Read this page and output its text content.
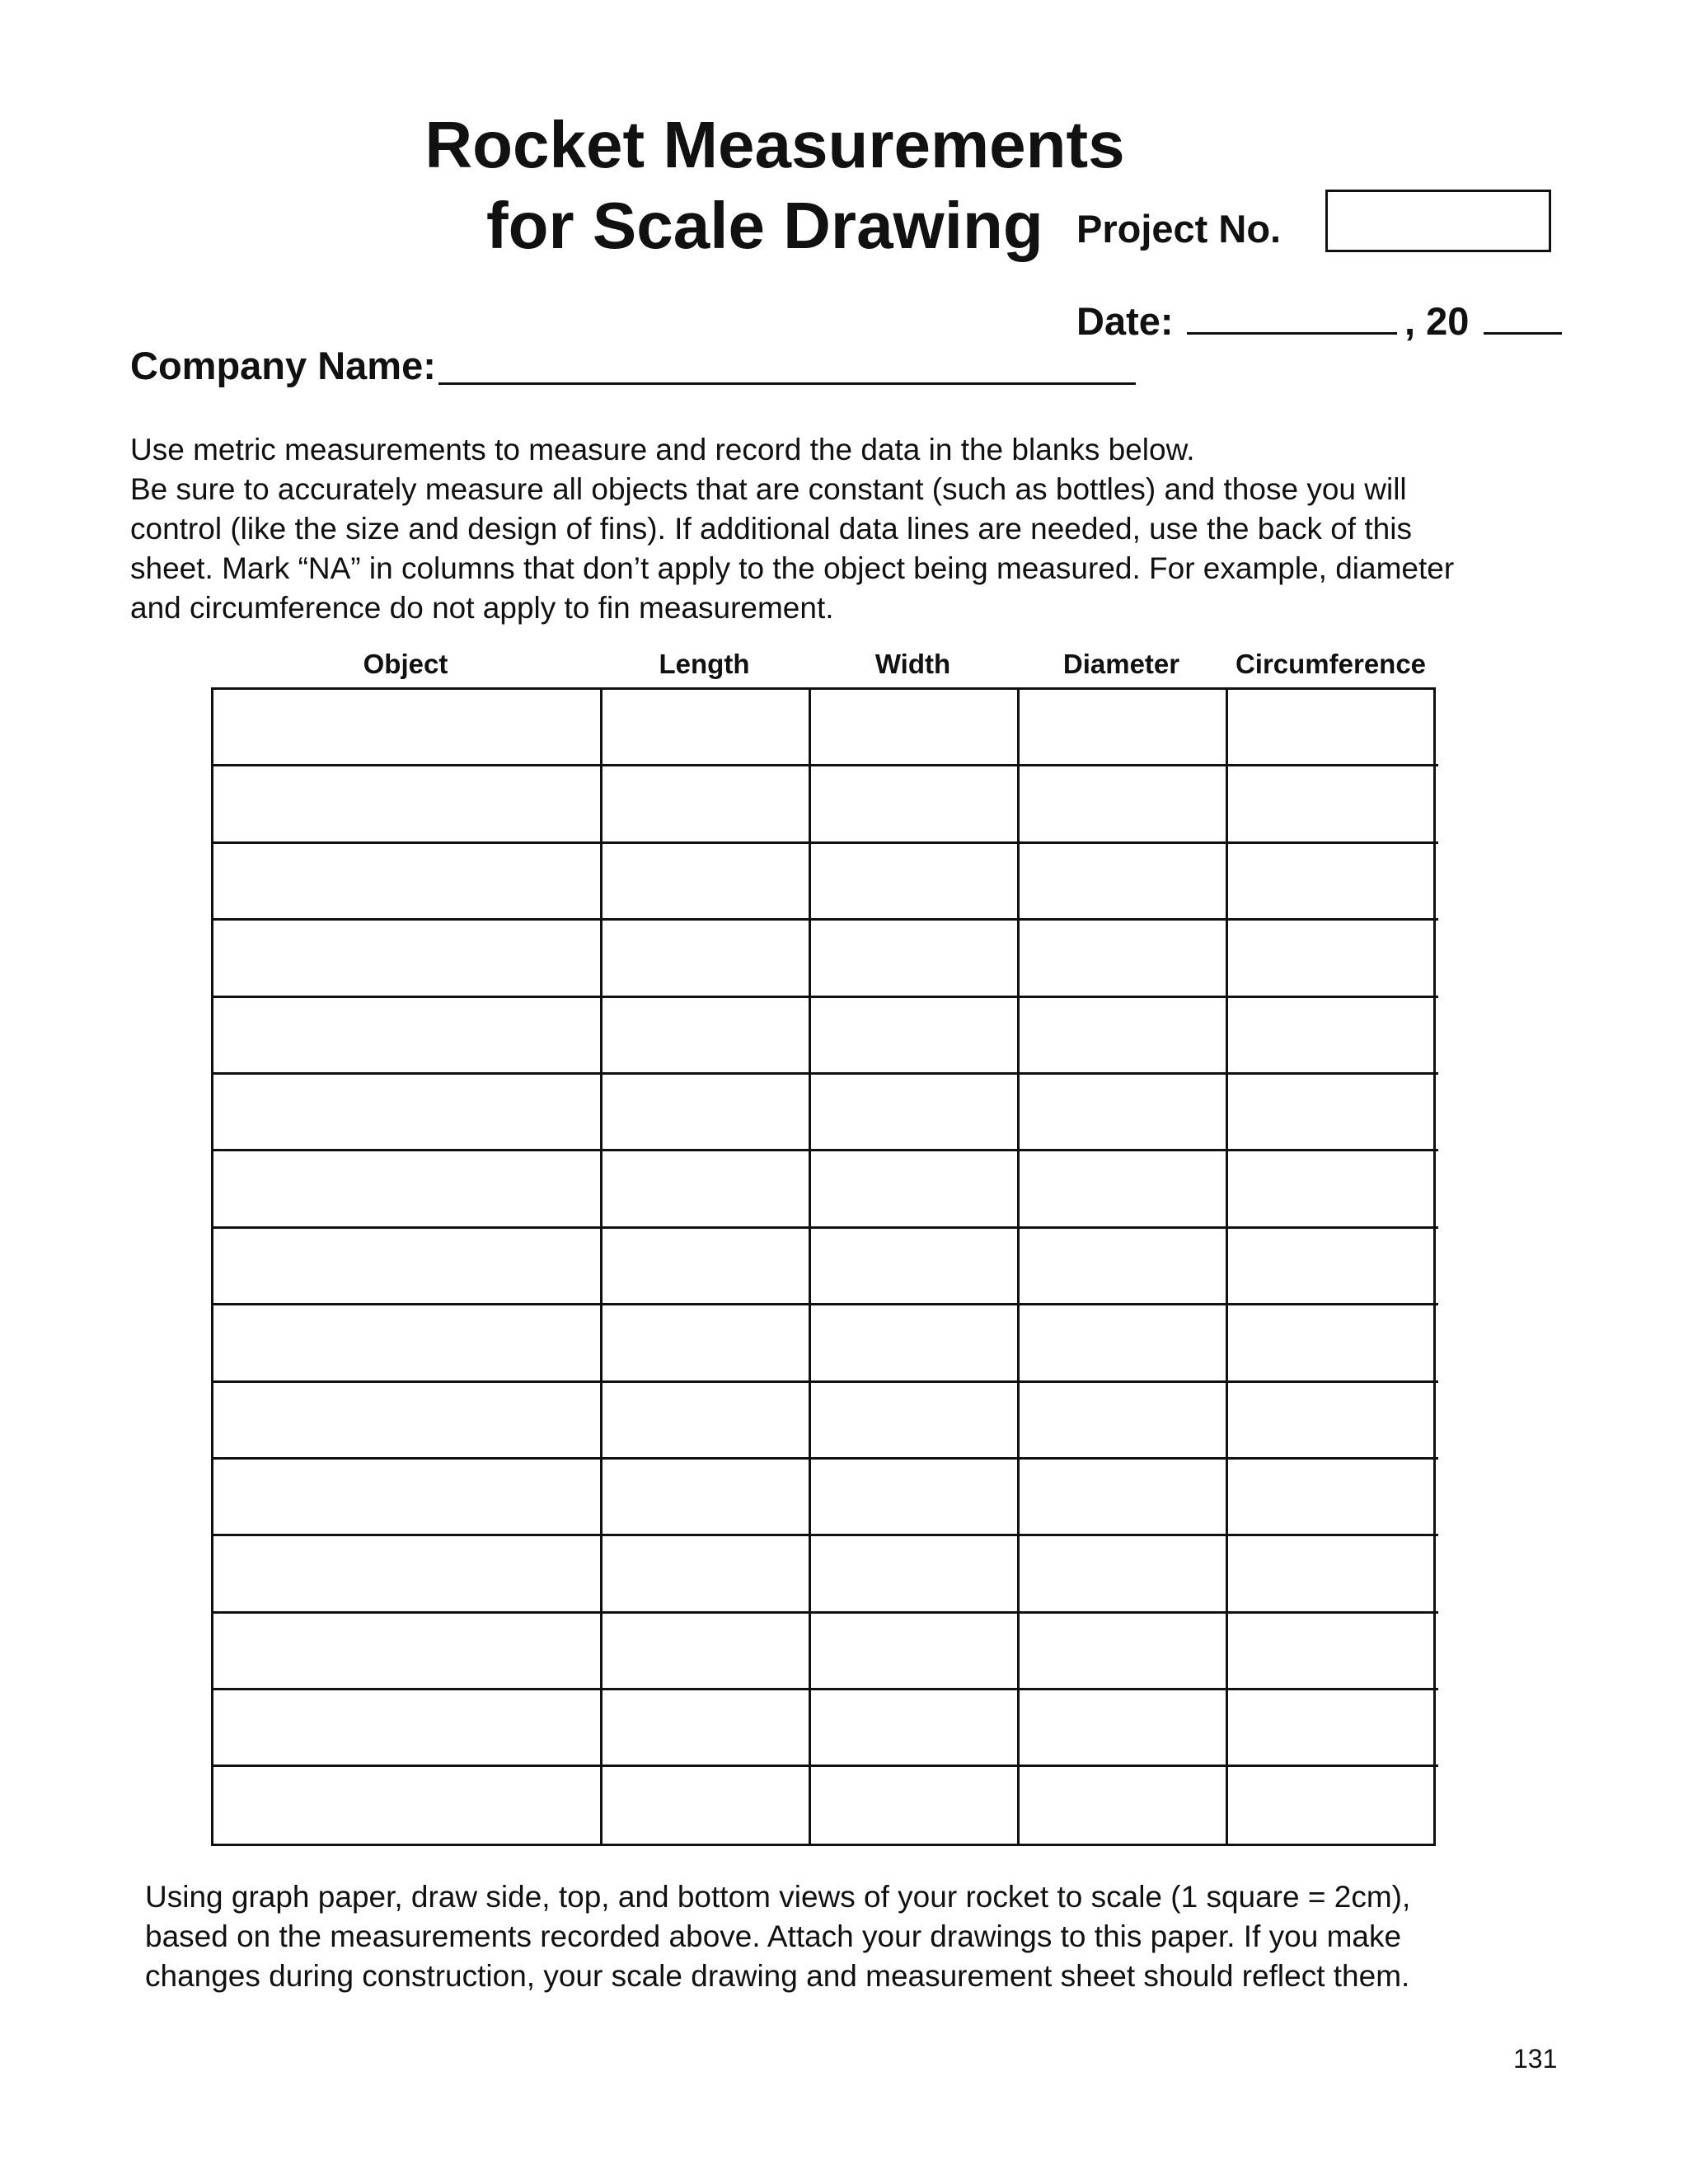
Rocket Measurements
for Scale Drawing Project No.
Date:	, 20
Company Name:
Use metric measurements to measure and record the data in the blanks below.
Be sure to accurately measure all objects that are constant (such as bottles) and those you will
control (like the size and design of fins). If additional data lines are needed, use the back of this
sheet. Mark “NA” in columns that don’t apply to the object being measured. For example, diameter
and circumference do not apply to fin measurement.
Object	Length	Width	Diameter	Circumference
Using graph paper, draw side, top, and bottom views of your rocket to scale (1 square = 2cm),
based on the measurements recorded above. Attach your drawings to this paper. If you make
changes during construction, your scale drawing and measurement sheet should reflect them.
131
